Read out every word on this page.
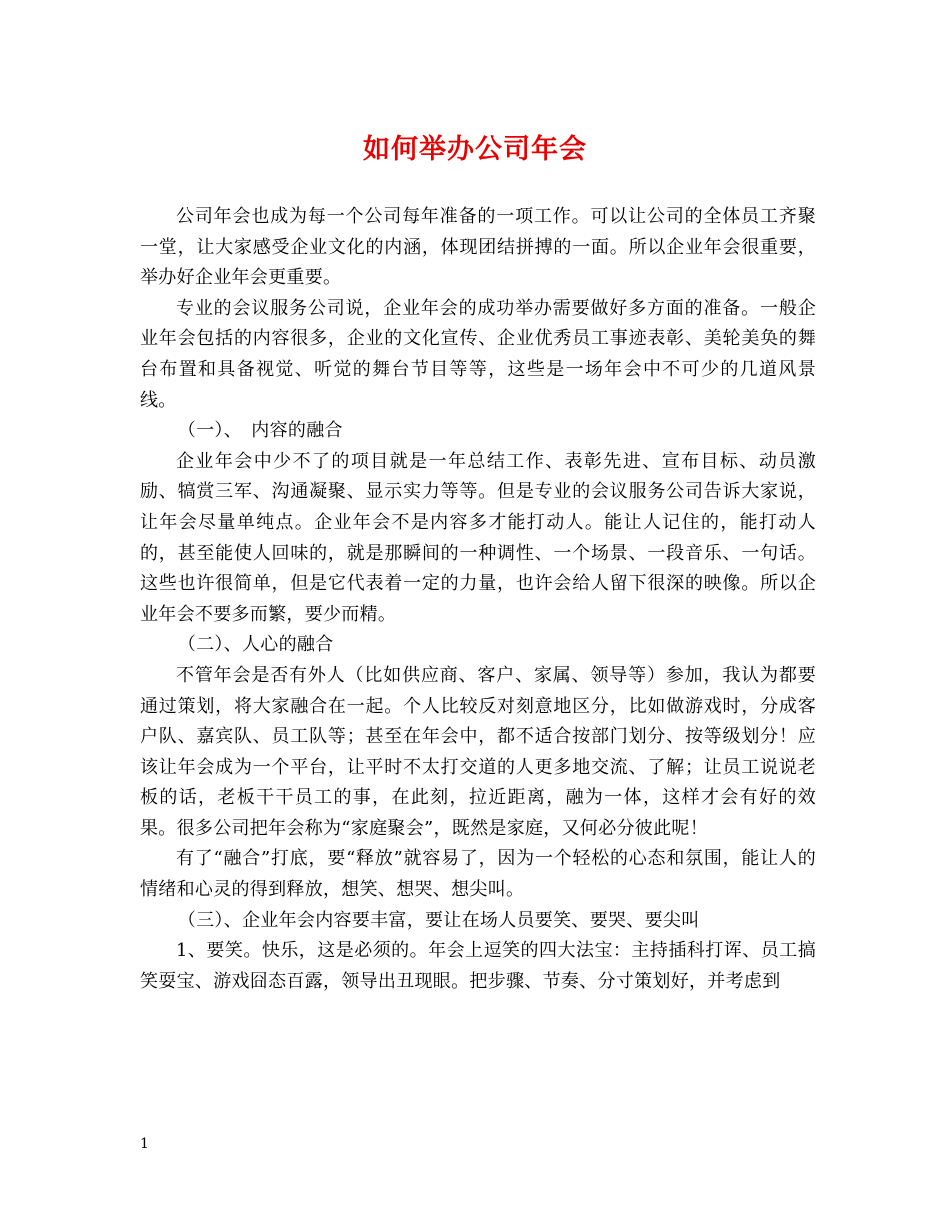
如何举办公司年会

公司年会也成为每一个公司每年准备的一项工作。可以让公司的全体员工齐聚一堂，让大家感受企业文化的内涵，体现团结拼搏的一面。所以企业年会很重要，举办好企业年会更重要。

专业的会议服务公司说，企业年会的成功举办需要做好多方面的准备。一般企业年会包括的内容很多，企业的文化宣传、企业优秀员工事迹表彰、美轮美奂的舞台布置和具备视觉、听觉的舞台节目等等，这些是一场年会中不可少的几道风景线。

（一）、　内容的融合

企业年会中少不了的项目就是一年总结工作、表彰先进、宣布目标、动员激励、犒赏三军、沟通凝聚、显示实力等等。但是专业的会议服务公司告诉大家说，让年会尽量单纯点。企业年会不是内容多才能打动人。能让人记住的，能打动人的，甚至能使人回味的，就是那瞬间的一种调性、一个场景、一段音乐、一句话。这些也许很简单，但是它代表着一定的力量，也许会给人留下很深的映像。所以企业年会不要多而繁，要少而精。

（二）、人心的融合

不管年会是否有外人（比如供应商、客户、家属、领导等）参加，我认为都要通过策划，将大家融合在一起。个人比较反对刻意地区分，比如做游戏时，分成客户队、嘉宾队、员工队等；甚至在年会中，都不适合按部门划分、按等级划分！应该让年会成为一个平台，让平时不太打交道的人更多地交流、了解；让员工说说老板的话，老板干干员工的事，在此刻，拉近距离，融为一体，这样才会有好的效果。很多公司把年会称为“家庭聚会”，既然是家庭，又何必分彼此呢！

有了“融合”打底，要“释放”就容易了，因为一个轻松的心态和氛围，能让人的情绪和心灵的得到释放，想笑、想哭、想尖叫。

（三）、企业年会内容要丰富，要让在场人员要笑、要哭、要尖叫

1、要笑。快乐，这是必须的。年会上逗笑的四大法宝：主持插科打诨、员工搞笑耍宝、游戏囧态百露，领导出丑现眼。把步骤、节奏、分寸策划好，并考虑到

1
